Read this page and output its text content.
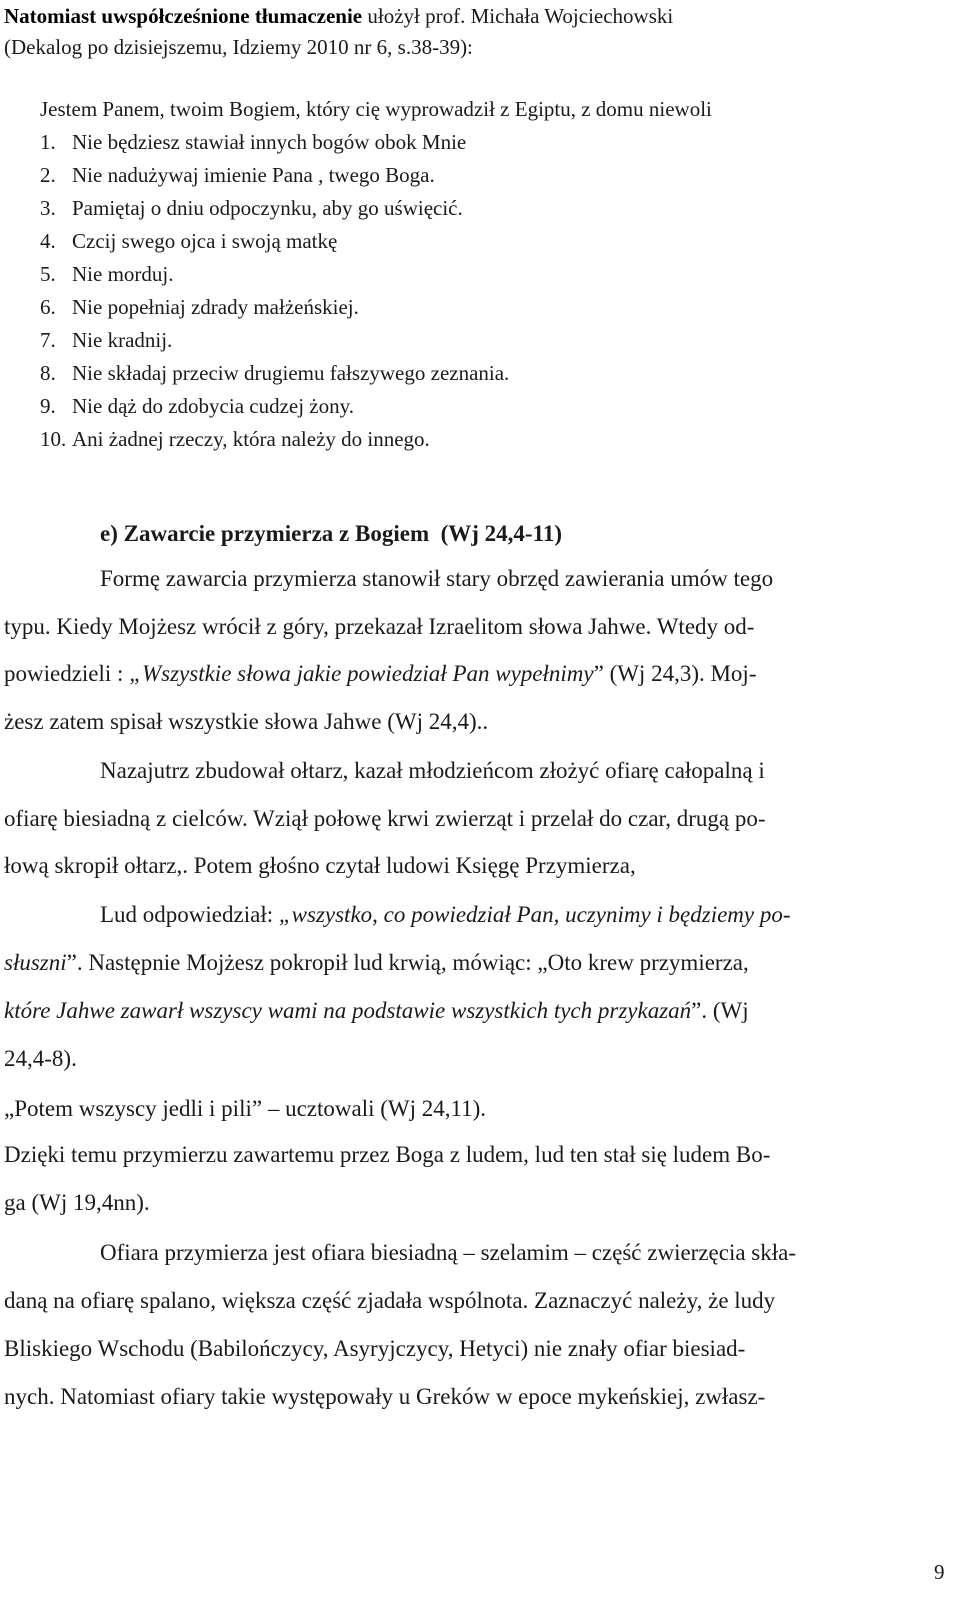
Natomiast uwspółcześnione tłumaczenie ułożył prof. Michała Wojciechowski
(Dekalog po dzisiejszemu, Idziemy 2010 nr 6, s.38-39):
Jestem Panem, twoim Bogiem, który cię wyprowadził z Egiptu, z domu niewoli
1. Nie będziesz stawiał innych bogów obok Mnie
2. Nie nadużywaj imienie Pana , twego Boga.
3. Pamiętaj o dniu odpoczynku, aby go uświęcić.
4. Czcij swego ojca i swoją matkę
5. Nie morduj.
6. Nie popełniaj zdrady małżeńskiej.
7. Nie kradnij.
8. Nie składaj przeciw drugiemu fałszywego zeznania.
9. Nie dąż do zdobycia cudzej żony.
10. Ani żadnej rzeczy, która należy do innego.
e) Zawarcie przymierza z Bogiem (Wj 24,4-11)
Formę zawarcia przymierza stanowił stary obrzęd zawierania umów tego
typu. Kiedy Mojżesz wrócił z góry, przekazał Izraelitom słowa Jahwe. Wtedy od-
powiedzieli : „Wszystkie słowa jakie powiedział Pan wypełnimy” (Wj 24,3). Moj-
żesz zatem spisał wszystkie słowa Jahwe (Wj 24,4)..
Nazajutrz zbudował ołtarz, kazał młodzieńcom złożyć ofiarę całopalną i
ofiarę biesiadną z cielców. Wziął połowę krwi zwierząt i przelał do czar, drugą po-
łową skropił ołtarz,. Potem głośno czytał ludowi Księgę Przymierza,
Lud odpowiedział: „wszystko, co powiedział Pan, uczynimy i będziemy po-
słuszni”. Następnie Mojżesz pokropił lud krwią, mówiąc: „Oto krew przymierza,
które Jahwe zawarł wszyscy wami na podstawie wszystkich tych przykazań”. (Wj
24,4-8).
„Potem wszyscy jedli i pili” – ucztowali (Wj 24,11).
Dzięki temu przymierzu zawartemu przez Boga z ludem, lud ten stał się ludem Bo-
ga (Wj 19,4nn).
Ofiara przymierza jest ofiara biesiadną – szelamim – część zwierzęcia skła-
daną na ofiarę spalano, większa część zjadała wspólnota. Zaznaczyć należy, że ludy
Bliskiego Wschodu (Babilończycy, Asyryjczycy, Hetyci) nie znały ofiar biesiad-
nych. Natomiast ofiary takie występowały u Greków w epoce mykeńskiej, zwłasz-
9
